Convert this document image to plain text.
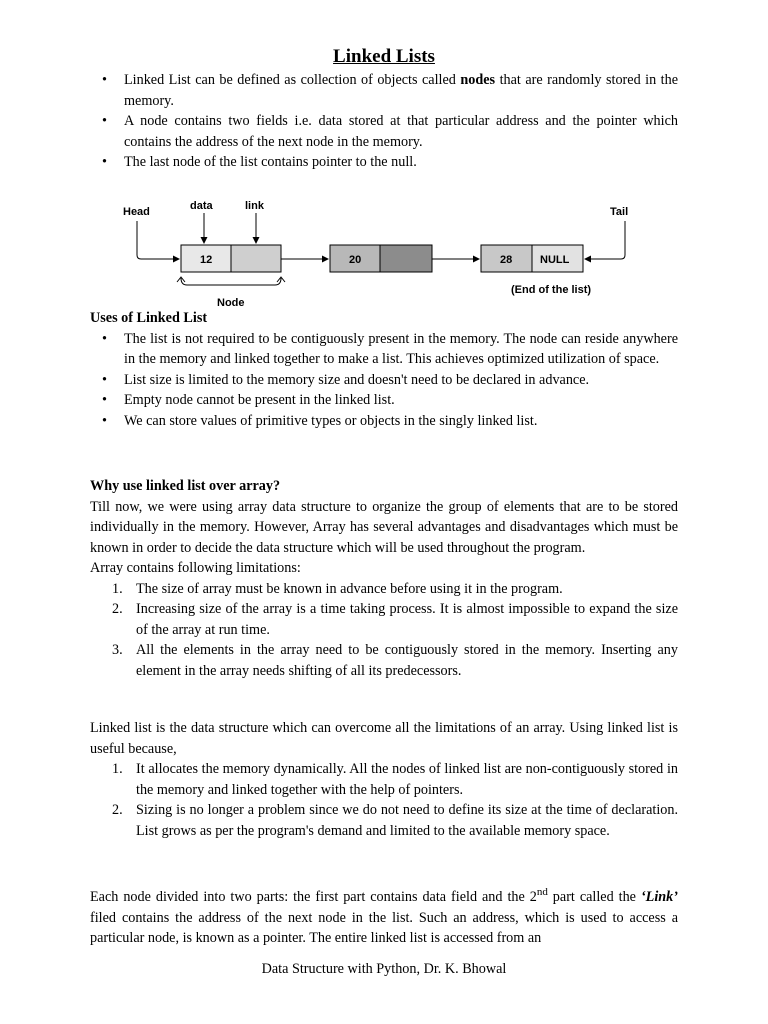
Linked Lists
• Linked List can be defined as collection of objects called nodes that are randomly stored in the memory.
• A node contains two fields i.e. data stored at that particular address and the pointer which contains the address of the next node in the memory.
• The last node of the list contains pointer to the null.
Head	data	link	Tail
12	20	28	NULL
Node
(End of the list)
Uses of Linked List
• The list is not required to be contiguously present in the memory. The node can reside anywhere in the memory and linked together to make a list. This achieves optimized utilization of space.
• List size is limited to the memory size and doesn't need to be declared in advance.
• Empty node cannot be present in the linked list.
• We can store values of primitive types or objects in the singly linked list.
Why use linked list over array?

Till now, we were using array data structure to organize the group of elements that are to be stored individually in the memory. However, Array has several advantages and disadvantages which must be known in order to decide the data structure which will be used throughout the program.

Array contains following limitations:

1. The size of array must be known in advance before using it in the program.
2. Increasing size of the array is a time taking process. It is almost impossible to expand the size of the array at run time.
3. All the elements in the array need to be contiguously stored in the memory. Inserting any element in the array needs shifting of all its predecessors.

Linked list is the data structure which can overcome all the limitations of an array. Using linked list is useful because,

1. It allocates the memory dynamically. All the nodes of linked list are non-contiguously stored in the memory and linked together with the help of pointers.
2. Sizing is no longer a problem since we do not need to define its size at the time of declaration. List grows as per the program's demand and limited to the available memory space.

Each node divided into two parts: the first part contains data field and the 2nd part called the ‘Link’ filed contains the address of the next node in the list. Such an address, which is used to access a particular node, is known as a pointer. The entire linked list is accessed from an

Data Structure with Python, Dr. K. Bhowal
